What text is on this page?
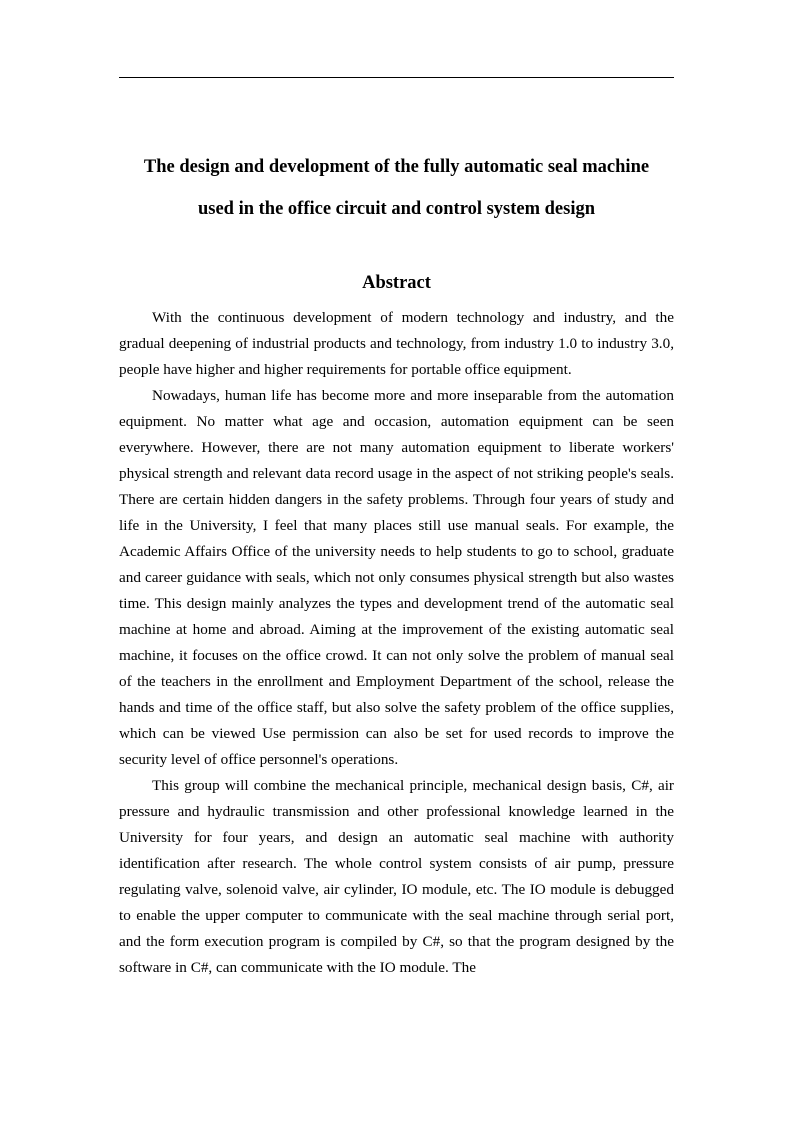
The design and development of the fully automatic seal machine
used in the office circuit and control system design
Abstract

With the continuous development of modern technology and industry, and the gradual deepening of industrial products and technology, from industry 1.0 to industry 3.0, people have higher and higher requirements for portable office equipment.

Nowadays, human life has become more and more inseparable from the automation equipment. No matter what age and occasion, automation equipment can be seen everywhere. However, there are not many automation equipment to liberate workers' physical strength and relevant data record usage in the aspect of not striking people's seals. There are certain hidden dangers in the safety problems. Through four years of study and life in the University, I feel that many places still use manual seals. For example, the Academic Affairs Office of the university needs to help students to go to school, graduate and career guidance with seals, which not only consumes physical strength but also wastes time. This design mainly analyzes the types and development trend of the automatic seal machine at home and abroad. Aiming at the improvement of the existing automatic seal machine, it focuses on the office crowd. It can not only solve the problem of manual seal of the teachers in the enrollment and Employment Department of the school, release the hands and time of the office staff, but also solve the safety problem of the office supplies, which can be viewed Use permission can also be set for used records to improve the security level of office personnel's operations.

This group will combine the mechanical principle, mechanical design basis, C#, air pressure and hydraulic transmission and other professional knowledge learned in the University for four years, and design an automatic seal machine with authority identification after research. The whole control system consists of air pump, pressure regulating valve, solenoid valve, air cylinder, IO module, etc. The IO module is debugged to enable the upper computer to communicate with the seal machine through serial port, and the form execution program is compiled by C#, so that the program designed by the software in C#, can communicate with the IO module. The
